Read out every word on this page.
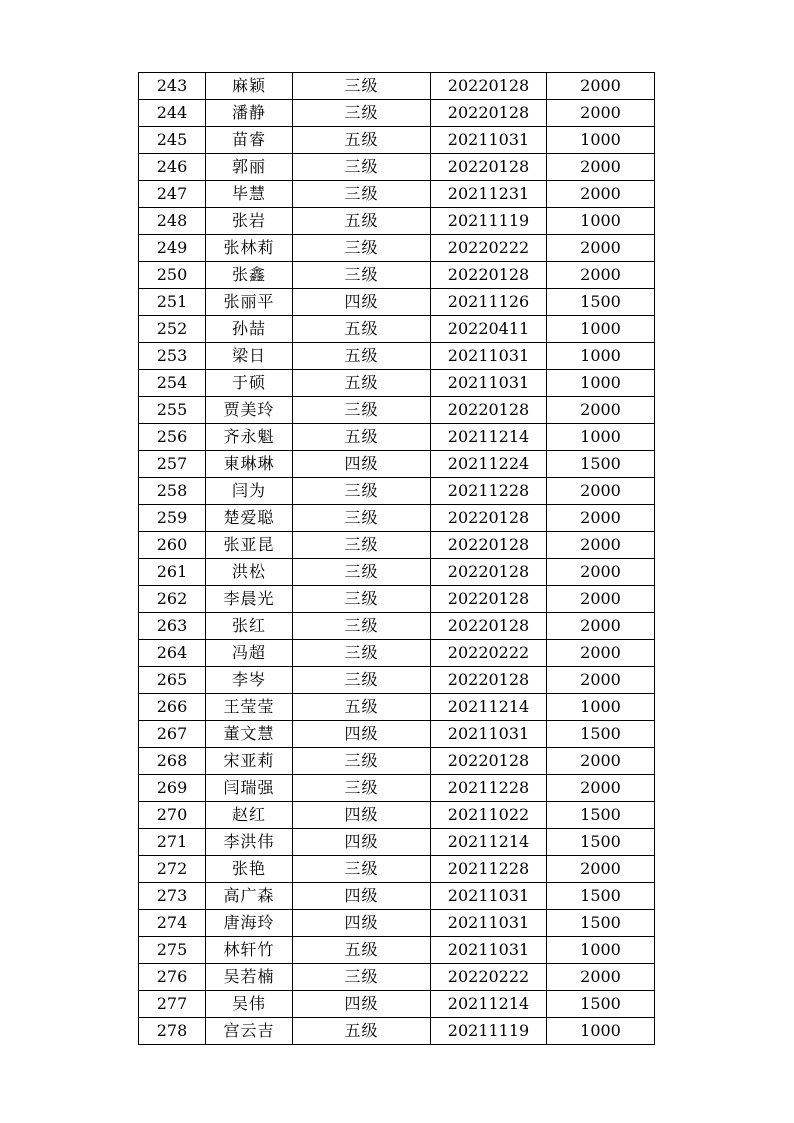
243	麻颖	三级	20220128	2000
244	潘静	三级	20220128	2000
245	苗睿	五级	20211031	1000
246	郭丽	三级	20220128	2000
247	毕慧	三级	20211231	2000
248	张岩	五级	20211119	1000
249	张林莉	三级	20220222	2000
250	张鑫	三级	20220128	2000
251	张丽平	四级	20211126	1500
252	孙喆	五级	20220411	1000
253	梁日	五级	20211031	1000
254	于硕	五级	20211031	1000
255	贾美玲	三级	20220128	2000
256	齐永魁	五级	20211214	1000
257	東琳琳	四级	20211224	1500
258	闫为	三级	20211228	2000
259	楚爱聪	三级	20220128	2000
260	张亚昆	三级	20220128	2000
261	洪松	三级	20220128	2000
262	李晨光	三级	20220128	2000
263	张红	三级	20220128	2000
264	冯超	三级	20220222	2000
265	李岑	三级	20220128	2000
266	王莹莹	五级	20211214	1000
267	董文慧	四级	20211031	1500
268	宋亚莉	三级	20220128	2000
269	闫瑞强	三级	20211228	2000
270	赵红	四级	20211022	1500
271	李洪伟	四级	20211214	1500
272	张艳	三级	20211228	2000
273	高广森	四级	20211031	1500
274	唐海玲	四级	20211031	1500
275	林轩竹	五级	20211031	1000
276	吴若楠	三级	20220222	2000
277	吴伟	四级	20211214	1500
278	宫云吉	五级	20211119	1000
